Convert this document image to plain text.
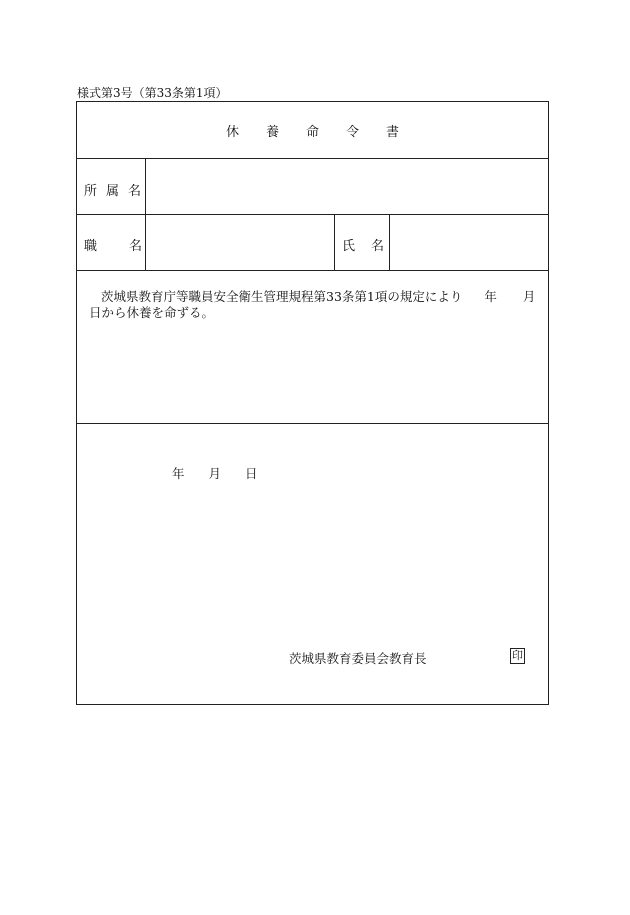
様式第3号（第33条第1項）
休養命令書
所属名
職名	氏名
茨城県教育庁等職員安全衛生管理規程第33条第1項の規定により 年 月日から休養を命ずる。
年 月 日
茨城県教育委員会教育長	印
